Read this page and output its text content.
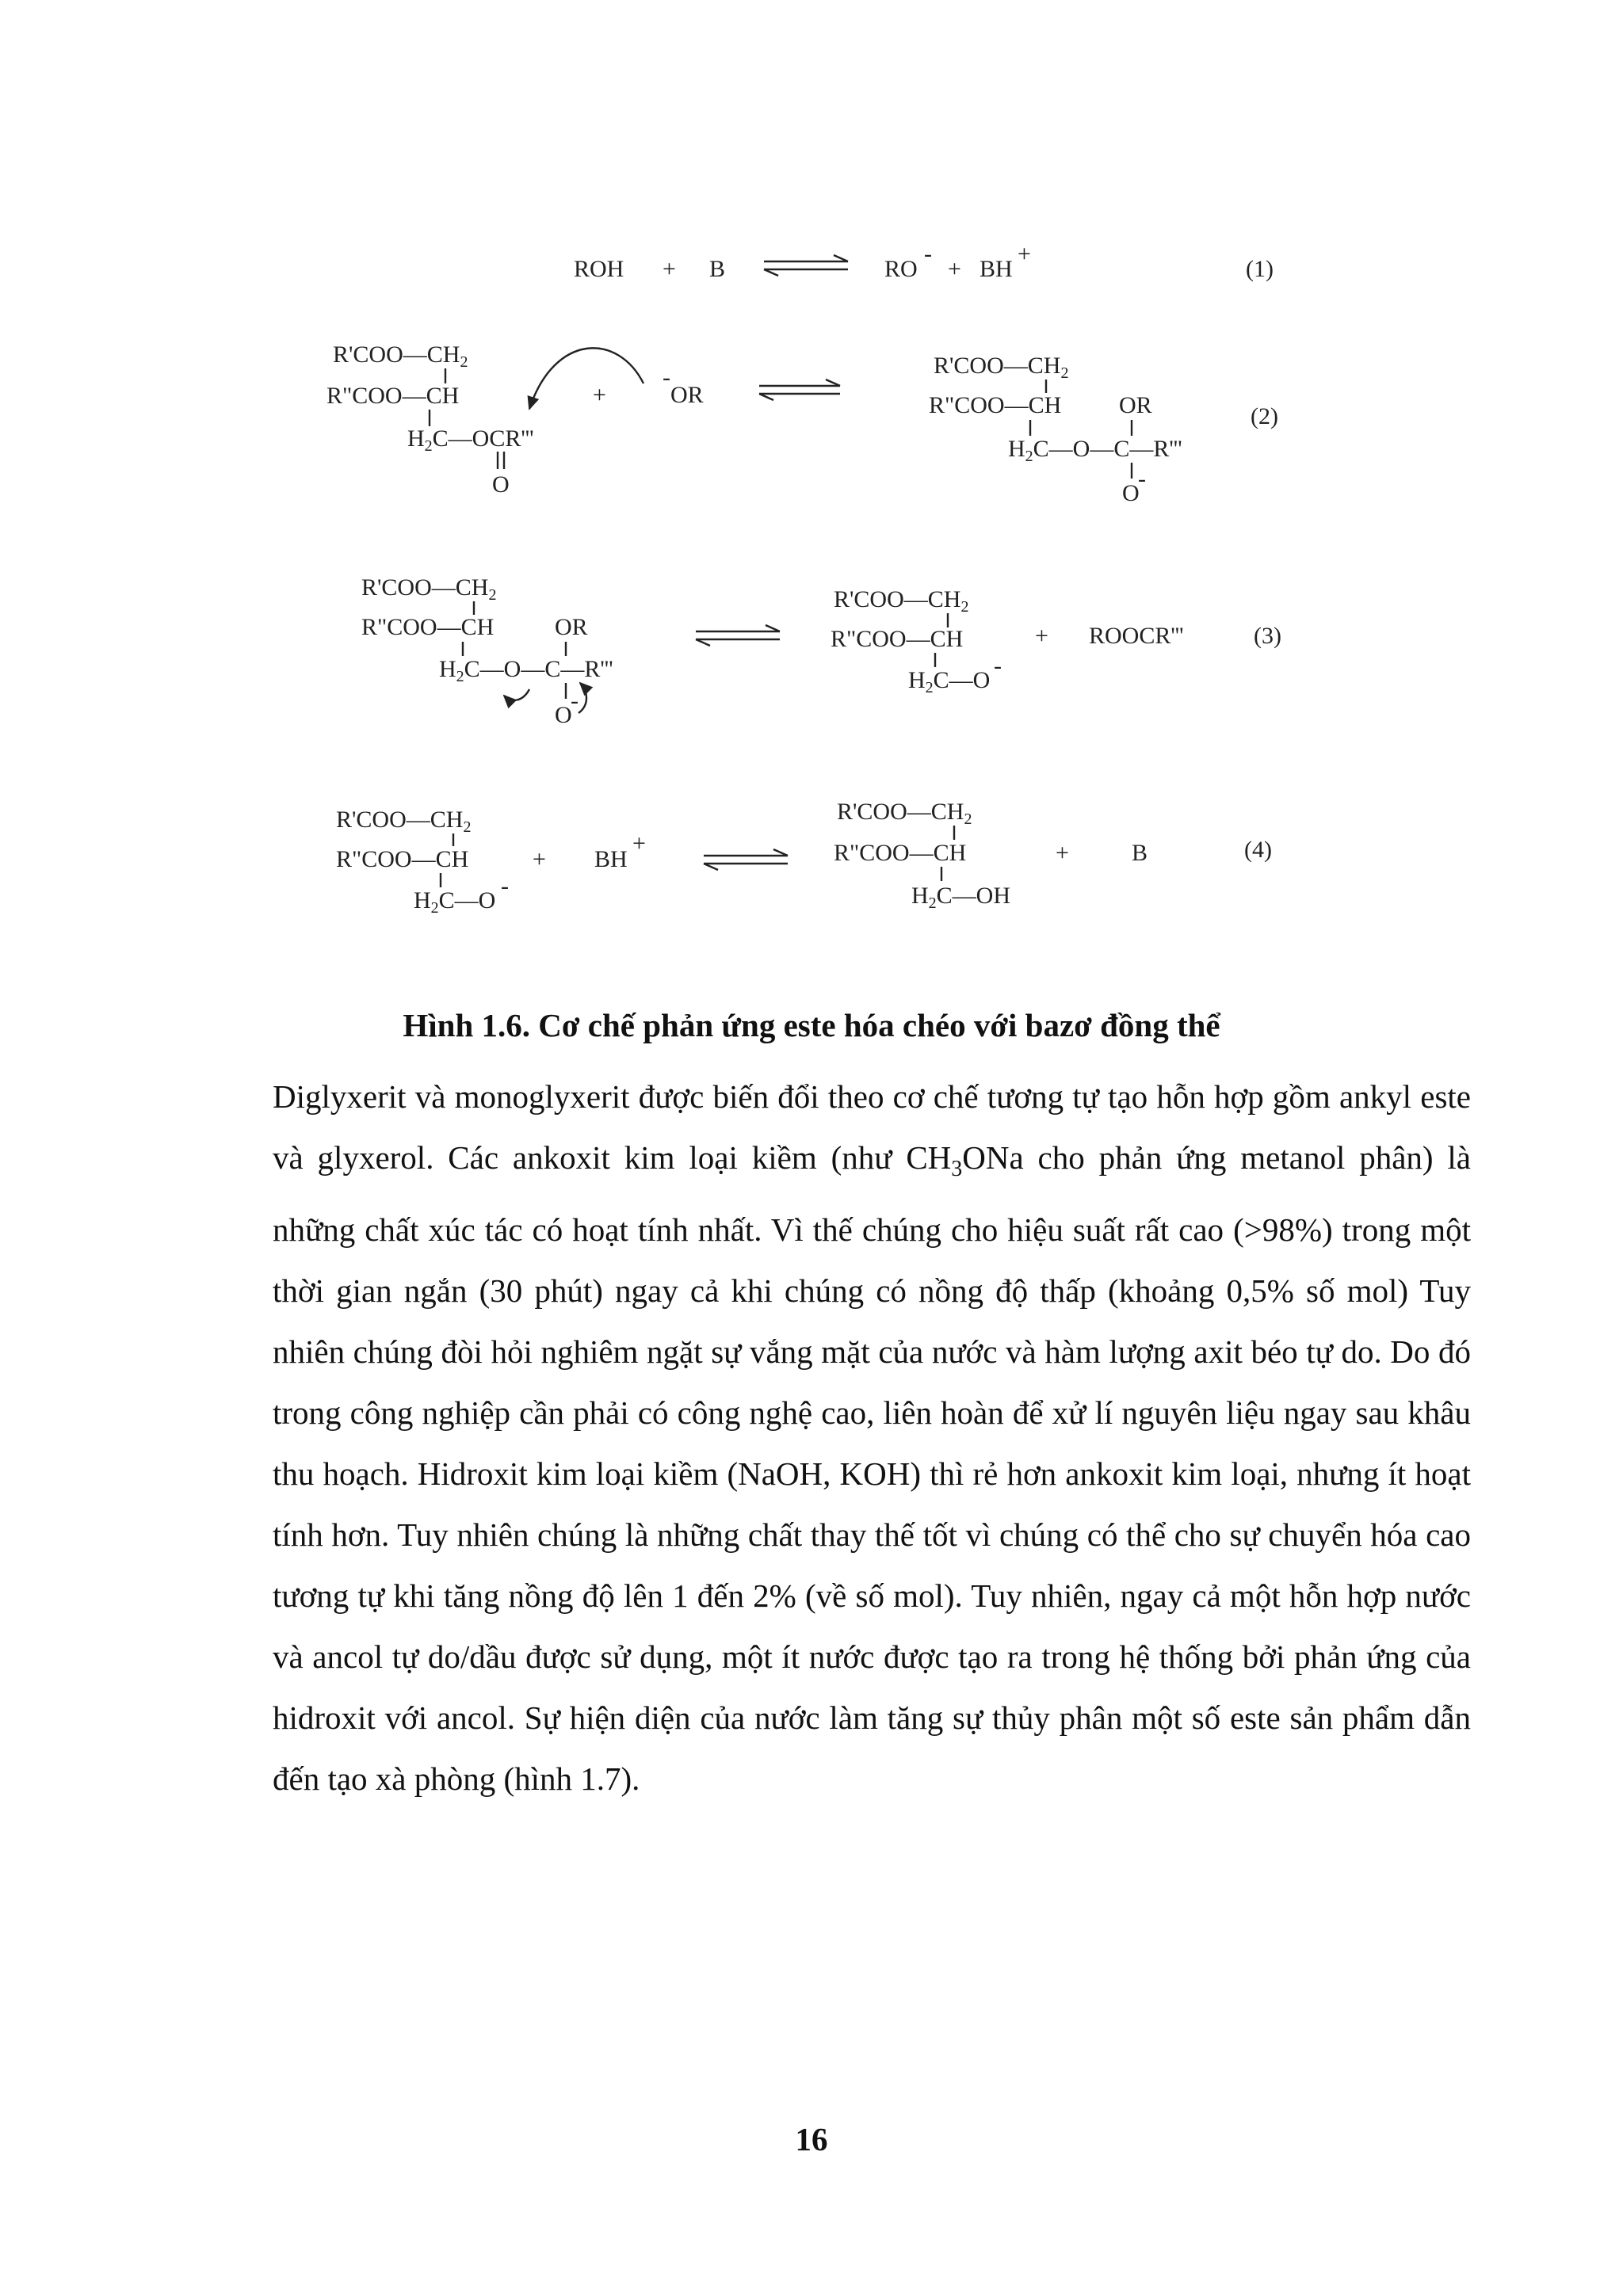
ROH + B	RO
-
+ BH
+
(1)
$R'COO—CH_2$
R"COO—CH
$H_2C—OCR'''$
O
+
-
OR
$R'COO—CH_2$
R"COO—CH OR
$H_2C—O—C—R'''$
O
-
(2)
$R'COO—CH_2$
R"COO—CH	OR
$H_2C—O—C—R'''$
O
-
$R'COO—CH_2$
R"COO—CH
$H_2C—O$
-
+ ROOCR'''	(3)
$R'COO—CH_2$
R"COO—CH
$H_2C—O$
-
+ BH
+
$R'COO—CH_2$
R"COO—CH
$H_2C—OH$
+	B	(4)
Hình 1.6. Cơ chế phản ứng este hóa chéo với bazơ đồng thể

Diglyxerit và monoglyxerit được biến đổi theo cơ chế tương tự tạo hỗn hợp gồm ankyl este và glyxerol. Các ankoxit kim loại kiềm (như $CH_3ONa$ cho phản ứng metanol phân) là những chất xúc tác có hoạt tính nhất. Vì thế chúng cho hiệu suất rất cao (>98%) trong một thời gian ngắn (30 phút) ngay cả khi chúng có nồng độ thấp (khoảng 0,5% số mol) Tuy nhiên chúng đòi hỏi nghiêm ngặt sự vắng mặt của nước và hàm lượng axit béo tự do. Do đó trong công nghiệp cần phải có công nghệ cao, liên hoàn để xử lí nguyên liệu ngay sau khâu thu hoạch. Hidroxit kim loại kiềm (NaOH, KOH) thì rẻ hơn ankoxit kim loại, nhưng ít hoạt tính hơn. Tuy nhiên chúng là những chất thay thế tốt vì chúng có thể cho sự chuyển hóa cao tương tự khi tăng nồng độ lên 1 đến 2% (về số mol). Tuy nhiên, ngay cả một hỗn hợp nước và ancol tự do/dầu được sử dụng, một ít nước được tạo ra trong hệ thống bởi phản ứng của hidroxit với ancol. Sự hiện diện của nước làm tăng sự thủy phân một số este sản phẩm dẫn đến tạo xà phòng (hình 1.7).

16
